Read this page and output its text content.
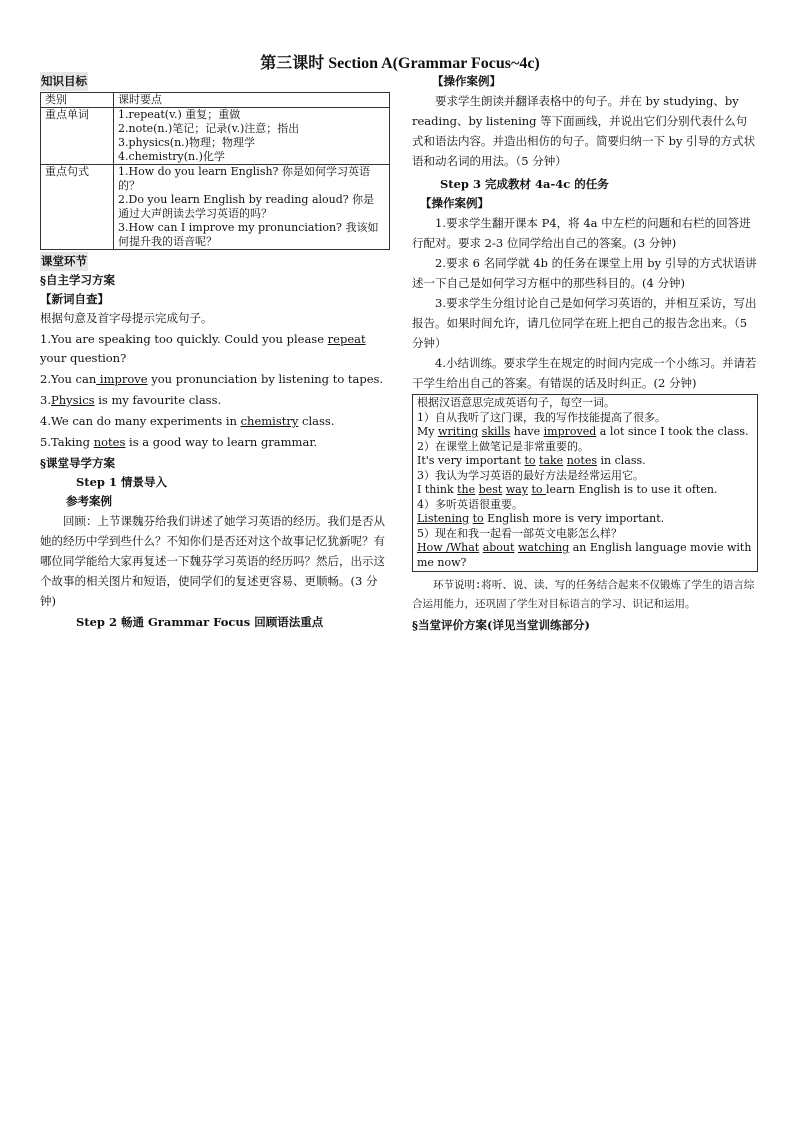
第三课时 Section A(Grammar Focus~4c)
知识目标
类别	课时要点
重点单词	1.repeat(v.) 重复；重做
2.note(n.)笔记；记录(v.)注意；指出
3.physics(n.)物理；物理学
4.chemistry(n.)化学

重点句式	1.How do you learn English? 你是如何学习英语的？
2.Do you learn English by reading aloud? 你是通过大声朗读去学习英语的吗？
3.How can I improve my pronunciation? 我该如何提升我的语音呢？
课堂环节
§自主学习方案
【新词自查】
根据句意及首字母提示完成句子。
1.You are speaking too quickly. Could you please repeat your question?
2.You can improve you pronunciation by listening to tapes.
3.Physics is my favourite class.
4.We can do many experiments in chemistry class.
5.Taking notes is a good way to learn grammar.
§课堂导学方案
Step 1 情景导入
参考案例
回顾：上节课魏芬给我们讲述了她学习英语的经历。我们是否从她的经历中学到些什么？不知你们是否还对这个故事记忆犹新呢？有哪位同学能给大家再复述一下魏芬学习英语的经历吗？然后，出示这个故事的相关图片和短语，使同学们的复述更容易、更顺畅。(3 分钟)
Step 2 畅通 Grammar Focus 回顾语法重点
【操作案例】
要求学生朗读并翻译表格中的句子。并在 by studying、by reading、by listening 等下面画线，并说出它们分别代表什么句式和语法内容。并造出相仿的句子。简要归纳一下 by 引导的方式状语和动名词的用法。（5 分钟）
Step 3 完成教材 4a-4c 的任务
【操作案例】
1.要求学生翻开课本 P4，将 4a 中左栏的问题和右栏的回答进行配对。要求 2-3 位同学给出自己的答案。(3 分钟)
2.要求 6 名同学就 4b 的任务在课堂上用 by 引导的方式状语讲述一下自己是如何学习方框中的那些科目的。(4 分钟)
3.要求学生分组讨论自己是如何学习英语的，并相互采访，写出报告。如果时间允许，请几位同学在班上把自己的报告念出来。（5 分钟）
4.小结训练。要求学生在规定的时间内完成一个小练习。并请若干学生给出自己的答案。有错误的话及时纠正。(2 分钟)
根据汉语意思完成英语句子，每空一词。
1）自从我听了这门课，我的写作技能提高了很多。
My writing skills have improved a lot since I took the class.
2）在课堂上做笔记是非常重要的。
It's very important to take notes in class.
3）我认为学习英语的最好方法是经常运用它。
I think the best way to learn English is to use it often.
4）多听英语很重要。
Listening to English more is very important.
5）现在和我一起看一部英文电影怎么样？
How /What about watching an English language movie with me now?
环节说明:将听、说、读、写的任务结合起来不仅锻炼了学生的语言综合运用能力，还巩固了学生对目标语言的学习、识记和运用。
§当堂评价方案(详见当堂训练部分)
